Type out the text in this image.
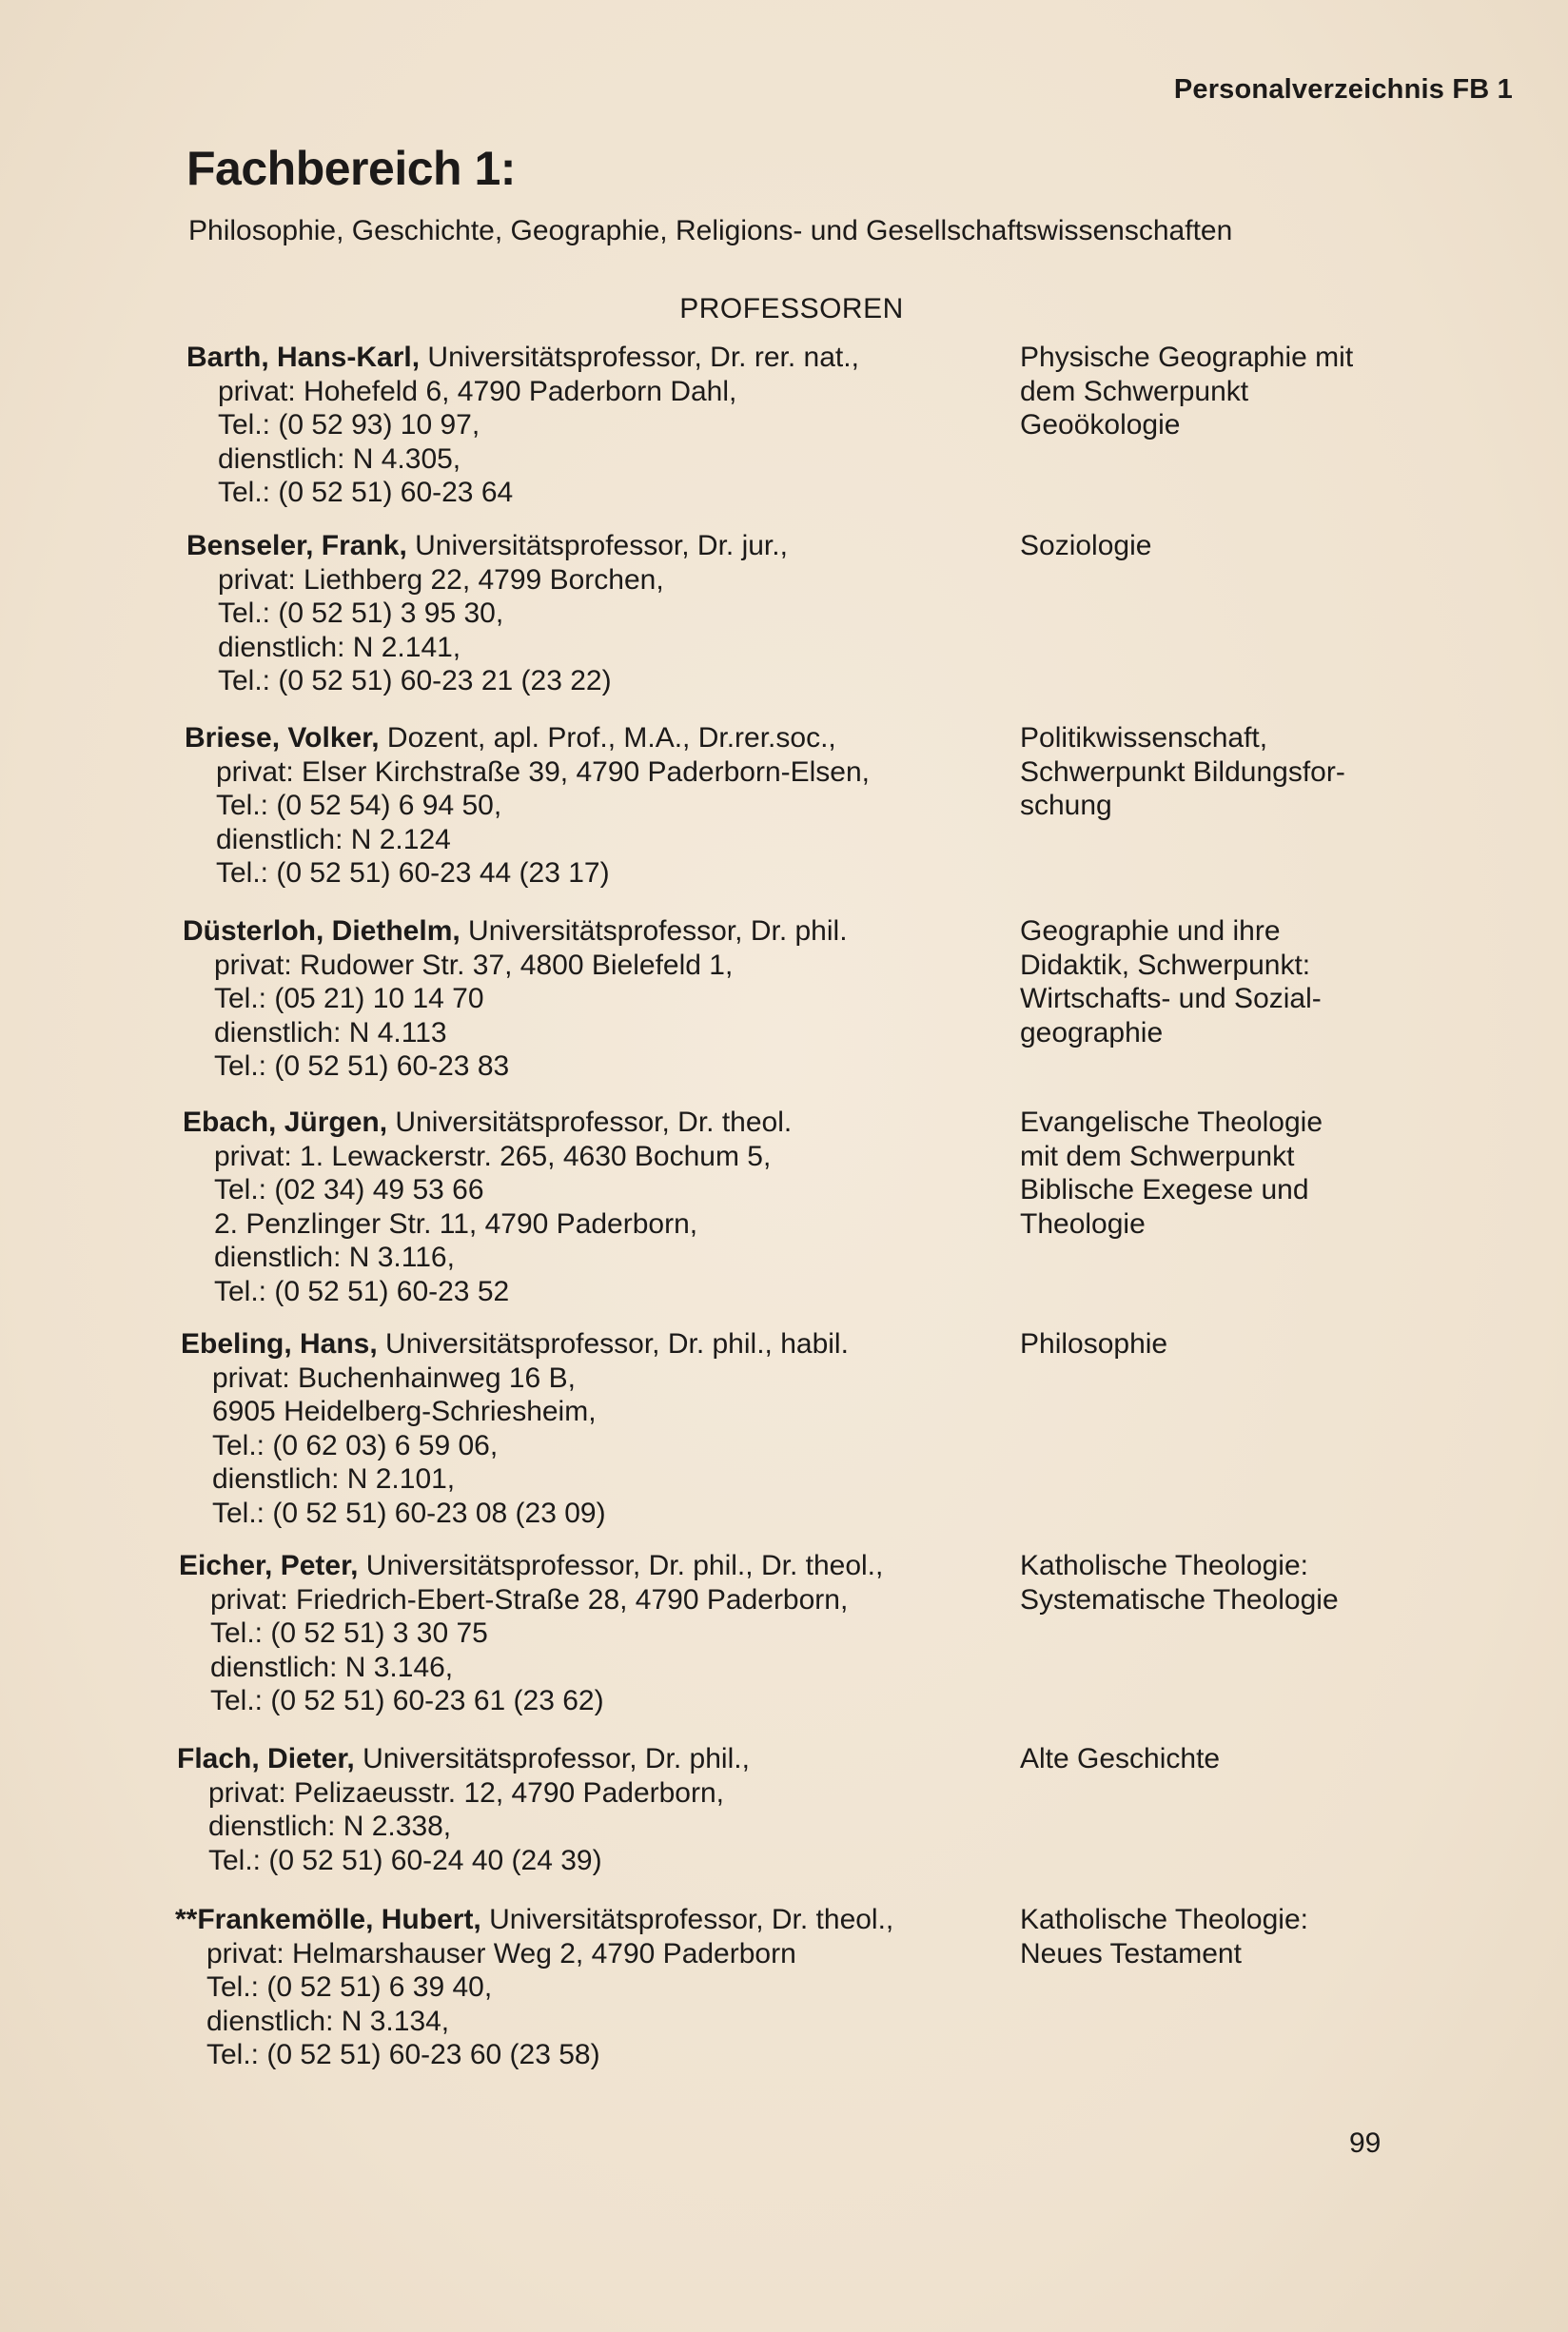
Personalverzeichnis FB 1
Fachbereich 1:
Philosophie, Geschichte, Geographie, Religions- und Gesellschaftswissenschaften
PROFESSOREN
Barth, Hans-Karl, Universitätsprofessor, Dr. rer. nat.,
privat: Hohefeld 6, 4790 Paderborn Dahl,
Tel.: (0 52 93) 10 97,
dienstlich: N 4.305,
Tel.: (0 52 51) 60-23 64
Physische Geographie mit
dem Schwerpunkt
Geoökologie
Benseler, Frank, Universitätsprofessor, Dr. jur.,
privat: Liethberg 22, 4799 Borchen,
Tel.: (0 52 51) 3 95 30,
dienstlich: N 2.141,
Tel.: (0 52 51) 60-23 21 (23 22)
Soziologie
Briese, Volker, Dozent, apl. Prof., M.A., Dr.rer.soc.,
privat: Elser Kirchstraße 39, 4790 Paderborn-Elsen,
Tel.: (0 52 54) 6 94 50,
dienstlich: N 2.124
Tel.: (0 52 51) 60-23 44 (23 17)
Politikwissenschaft,
Schwerpunkt Bildungsfor-
schung
Düsterloh, Diethelm, Universitätsprofessor, Dr. phil.
privat: Rudower Str. 37, 4800 Bielefeld 1,
Tel.: (05 21) 10 14 70
dienstlich: N 4.113
Tel.: (0 52 51) 60-23 83
Geographie und ihre
Didaktik, Schwerpunkt:
Wirtschafts- und Sozial-
geographie
Ebach, Jürgen, Universitätsprofessor, Dr. theol.
privat: 1. Lewackerstr. 265, 4630 Bochum 5,
Tel.: (02 34) 49 53 66
2. Penzlinger Str. 11, 4790 Paderborn,
dienstlich: N 3.116,
Tel.: (0 52 51) 60-23 52
Evangelische Theologie
mit dem Schwerpunkt
Biblische Exegese und
Theologie
Ebeling, Hans, Universitätsprofessor, Dr. phil., habil.
privat: Buchenhainweg 16 B,
6905 Heidelberg-Schriesheim,
Tel.: (0 62 03) 6 59 06,
dienstlich: N 2.101,
Tel.: (0 52 51) 60-23 08 (23 09)
Philosophie
Eicher, Peter, Universitätsprofessor, Dr. phil., Dr. theol.,
privat: Friedrich-Ebert-Straße 28, 4790 Paderborn,
Tel.: (0 52 51) 3 30 75
dienstlich: N 3.146,
Tel.: (0 52 51) 60-23 61 (23 62)
Katholische Theologie:
Systematische Theologie
Flach, Dieter, Universitätsprofessor, Dr. phil.,
privat: Pelizaeusstr. 12, 4790 Paderborn,
dienstlich: N 2.338,
Tel.: (0 52 51) 60-24 40 (24 39)
Alte Geschichte
**Frankemölle, Hubert, Universitätsprofessor, Dr. theol.,
privat: Helmarshauser Weg 2, 4790 Paderborn
Tel.: (0 52 51) 6 39 40,
dienstlich: N 3.134,
Tel.: (0 52 51) 60-23 60 (23 58)
Katholische Theologie:
Neues Testament
99
